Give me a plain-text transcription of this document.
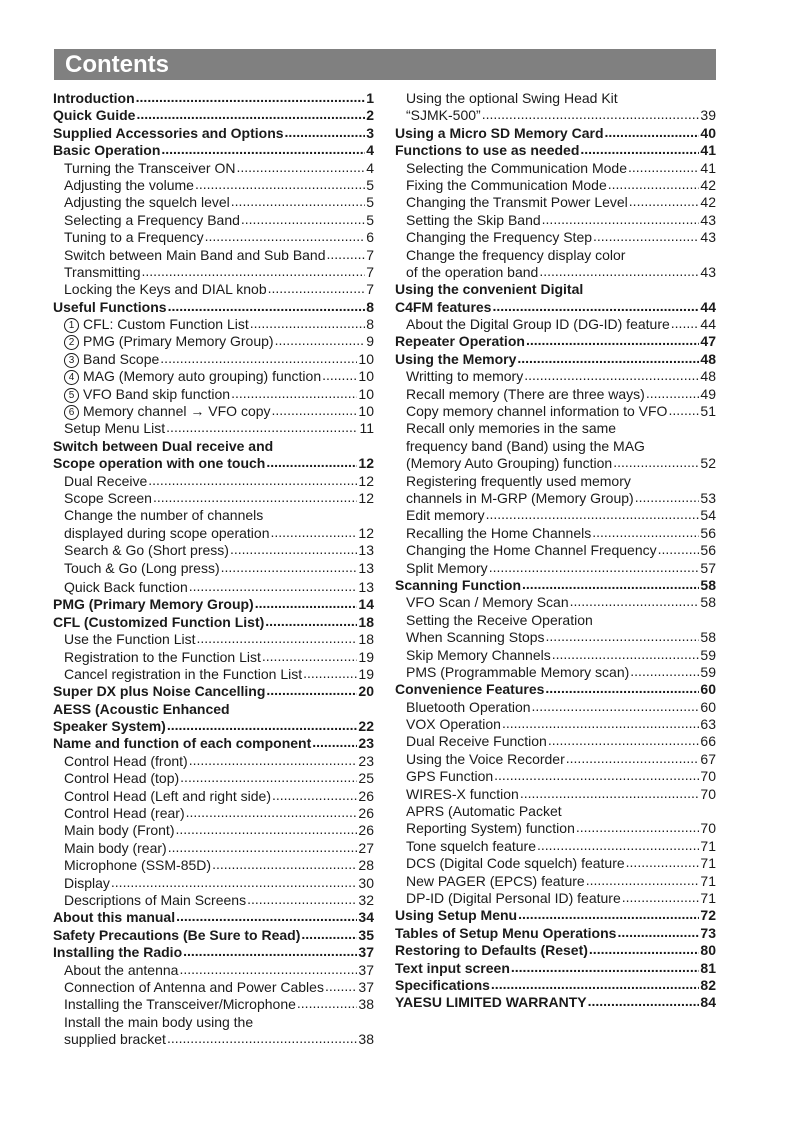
Contents
Introduction .....	1
Quick Guide .....	2
Supplied Accessories and Options .....	3
Basic Operation .....	4
Turning the Transceiver ON .....	4
Adjusting the volume .....	5
Adjusting the squelch level .....	5
Selecting a Frequency Band .....	5
Tuning to a Frequency .....	6
Switch between Main Band and Sub Band .....	7
Transmitting .....	7
Locking the Keys and DIAL knob .....	7
Useful Functions .....	8
1 CFL: Custom Function List .....	8
2 PMG (Primary Memory Group) .....	9
3 Band Scope .....	10
4 MAG (Memory auto grouping) function .....	10
5 VFO Band skip function .....	10
6 Memory channel → VFO copy .....	10
Setup Menu List .....	11
Switch between Dual receive and
Scope operation with one touch .....	12
Dual Receive .....	12
Scope Screen .....	12
Change the number of channels
displayed during scope operation .....	12
Search & Go (Short press) .....	13
Touch & Go (Long press) .....	13
Quick Back function .....	13
PMG (Primary Memory Group) .....	14
CFL (Customized Function List) .....	18
Use the Function List .....	18
Registration to the Function List .....	19
Cancel registration in the Function List .....	19
Super DX plus Noise Cancelling .....	20
AESS (Acoustic Enhanced
Speaker System) .....	22
Name and function of each component .....	23
Control Head (front) .....	23
Control Head (top) .....	25
Control Head (Left and right side) .....	26
Control Head (rear) .....	26
Main body (Front) .....	26
Main body (rear) .....	27
Microphone (SSM-85D) .....	28
Display .....	30
Descriptions of Main Screens .....	32
About this manual .....	34
Safety Precautions (Be Sure to Read) .....	35
Installing the Radio .....	37
About the antenna .....	37
Connection of Antenna and Power Cables ..... 37
Installing the Transceiver/Microphone .....	38
Install the main body using the
supplied bracket .....	38
Using the optional Swing Head Kit
“SJMK-500” .....	39
Using a Micro SD Memory Card .....	40
Functions to use as needed .....	41
Selecting the Communication Mode .....	41
Fixing the Communication Mode .....	42
Changing the Transmit Power Level .....	42
Setting the Skip Band .....	43
Changing the Frequency Step .....	43
Change the frequency display color
of the operation band .....	43
Using the convenient Digital
C4FM features .....	44
About the Digital Group ID (DG-ID) feature ..... 44
Repeater Operation .....	47
Using the Memory .....	48
Writting to memory .....	48
Recall memory (There are three ways) .....	49
Copy memory channel information to VFO ..... 51
Recall only memories in the same
frequency band (Band) using the MAG
(Memory Auto Grouping) function .....	52
Registering frequently used memory
channels in M-GRP (Memory Group) .....	53
Edit memory .....	54
Recalling the Home Channels .....	56
Changing the Home Channel Frequency .....	56
Split Memory .....	57
Scanning Function .....	58
VFO Scan / Memory Scan .....	58
Setting the Receive Operation
When Scanning Stops .....	58
Skip Memory Channels .....	59
PMS (Programmable Memory scan) .....	59
Convenience Features .....	60
Bluetooth Operation .....	60
VOX Operation .....	63
Dual Receive Function .....	66
Using the Voice Recorder .....	67
GPS Function .....	70
WIRES-X function .....	70
APRS (Automatic Packet
Reporting System) function .....	70
Tone squelch feature .....	71
DCS (Digital Code squelch) feature .....	71
New PAGER (EPCS) feature .....	71
DP-ID (Digital Personal ID) feature .....	71
Using Setup Menu .....	72
Tables of Setup Menu Operations .....	73
Restoring to Defaults (Reset) .....	80
Text input screen .....	81
Specifications .....	82
YAESU LIMITED WARRANTY .....	84
